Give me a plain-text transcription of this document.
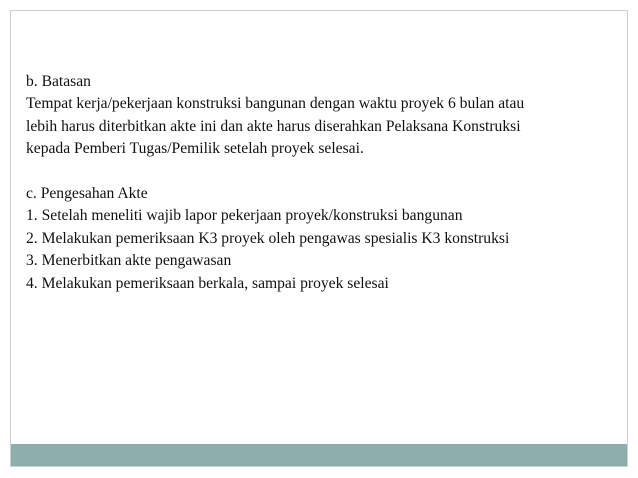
b. Batasan
Tempat kerja/pekerjaan konstruksi bangunan dengan waktu proyek 6 bulan atau
lebih harus diterbitkan akte ini dan akte harus diserahkan Pelaksana Konstruksi
kepada Pemberi Tugas/Pemilik setelah proyek selesai.
c. Pengesahan Akte
1. Setelah meneliti wajib lapor pekerjaan proyek/konstruksi bangunan
2. Melakukan pemeriksaan K3 proyek oleh pengawas spesialis K3 konstruksi
3. Menerbitkan akte pengawasan
4. Melakukan pemeriksaan berkala, sampai proyek selesai
